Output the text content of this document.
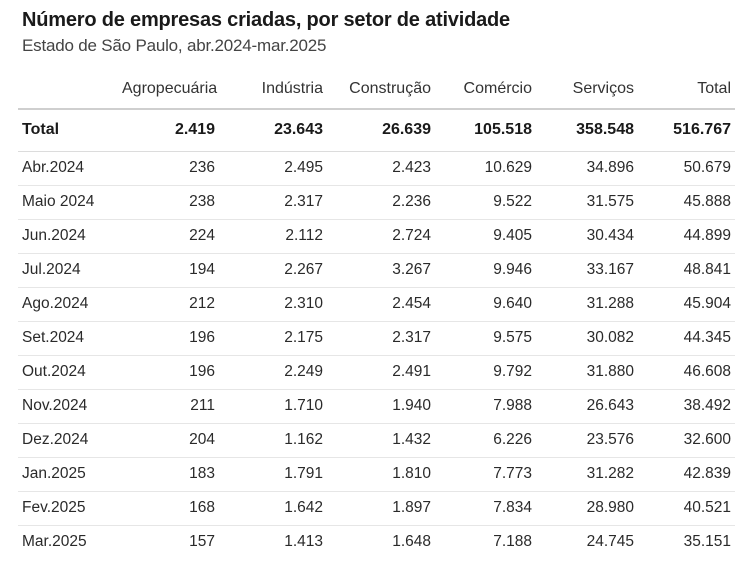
Número de empresas criadas, por setor de atividade
Estado de São Paulo, abr.2024-mar.2025
	Agropecuária	Indústria	Construção	Comércio	Serviços	Total
Total	2.419	23.643	26.639	105.518	358.548	516.767
Abr.2024	236	2.495	2.423	10.629	34.896	50.679
Maio 2024	238	2.317	2.236	9.522	31.575	45.888
Jun.2024	224	2.112	2.724	9.405	30.434	44.899
Jul.2024	194	2.267	3.267	9.946	33.167	48.841
Ago.2024	212	2.310	2.454	9.640	31.288	45.904
Set.2024	196	2.175	2.317	9.575	30.082	44.345
Out.2024	196	2.249	2.491	9.792	31.880	46.608
Nov.2024	211	1.710	1.940	7.988	26.643	38.492
Dez.2024	204	1.162	1.432	6.226	23.576	32.600
Jan.2025	183	1.791	1.810	7.773	31.282	42.839
Fev.2025	168	1.642	1.897	7.834	28.980	40.521
Mar.2025	157	1.413	1.648	7.188	24.745	35.151
